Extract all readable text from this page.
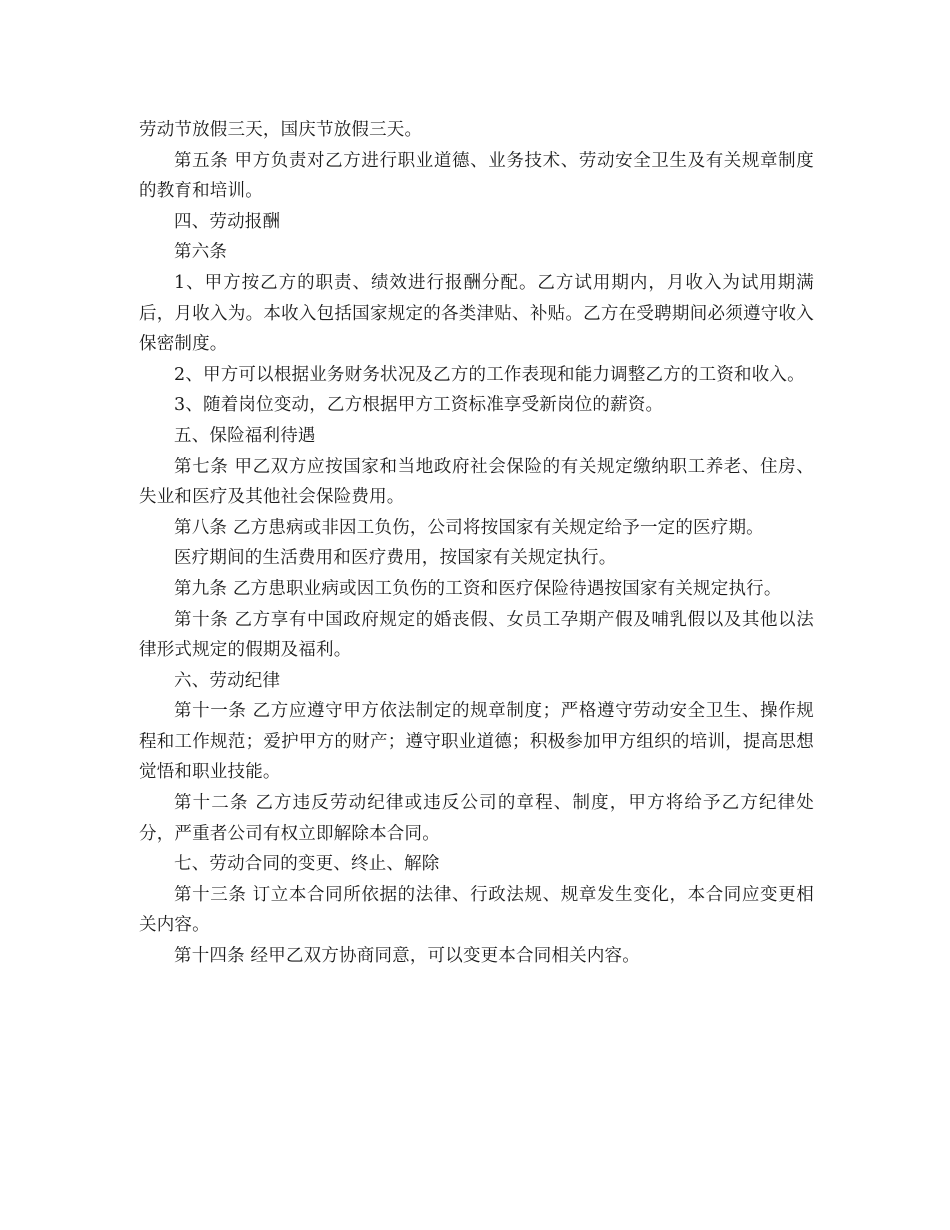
劳动节放假三天，国庆节放假三天。

第五条 甲方负责对乙方进行职业道德、业务技术、劳动安全卫生及有关规章制度的教育和培训。

四、劳动报酬

第六条

1、甲方按乙方的职责、绩效进行报酬分配。乙方试用期内，月收入为试用期满后，月收入为。本收入包括国家规定的各类津贴、补贴。乙方在受聘期间必须遵守收入保密制度。

2、甲方可以根据业务财务状况及乙方的工作表现和能力调整乙方的工资和收入。

3、随着岗位变动，乙方根据甲方工资标准享受新岗位的薪资。

五、保险福利待遇

第七条 甲乙双方应按国家和当地政府社会保险的有关规定缴纳职工养老、住房、失业和医疗及其他社会保险费用。

第八条 乙方患病或非因工负伤，公司将按国家有关规定给予一定的医疗期。

医疗期间的生活费用和医疗费用，按国家有关规定执行。

第九条 乙方患职业病或因工负伤的工资和医疗保险待遇按国家有关规定执行。

第十条 乙方享有中国政府规定的婚丧假、女员工孕期产假及哺乳假以及其他以法律形式规定的假期及福利。

六、劳动纪律

第十一条 乙方应遵守甲方依法制定的规章制度；严格遵守劳动安全卫生、操作规程和工作规范；爱护甲方的财产；遵守职业道德；积极参加甲方组织的培训，提高思想觉悟和职业技能。

第十二条 乙方违反劳动纪律或违反公司的章程、制度，甲方将给予乙方纪律处分，严重者公司有权立即解除本合同。

七、劳动合同的变更、终止、解除

第十三条 订立本合同所依据的法律、行政法规、规章发生变化，本合同应变更相关内容。

第十四条 经甲乙双方协商同意，可以变更本合同相关内容。
